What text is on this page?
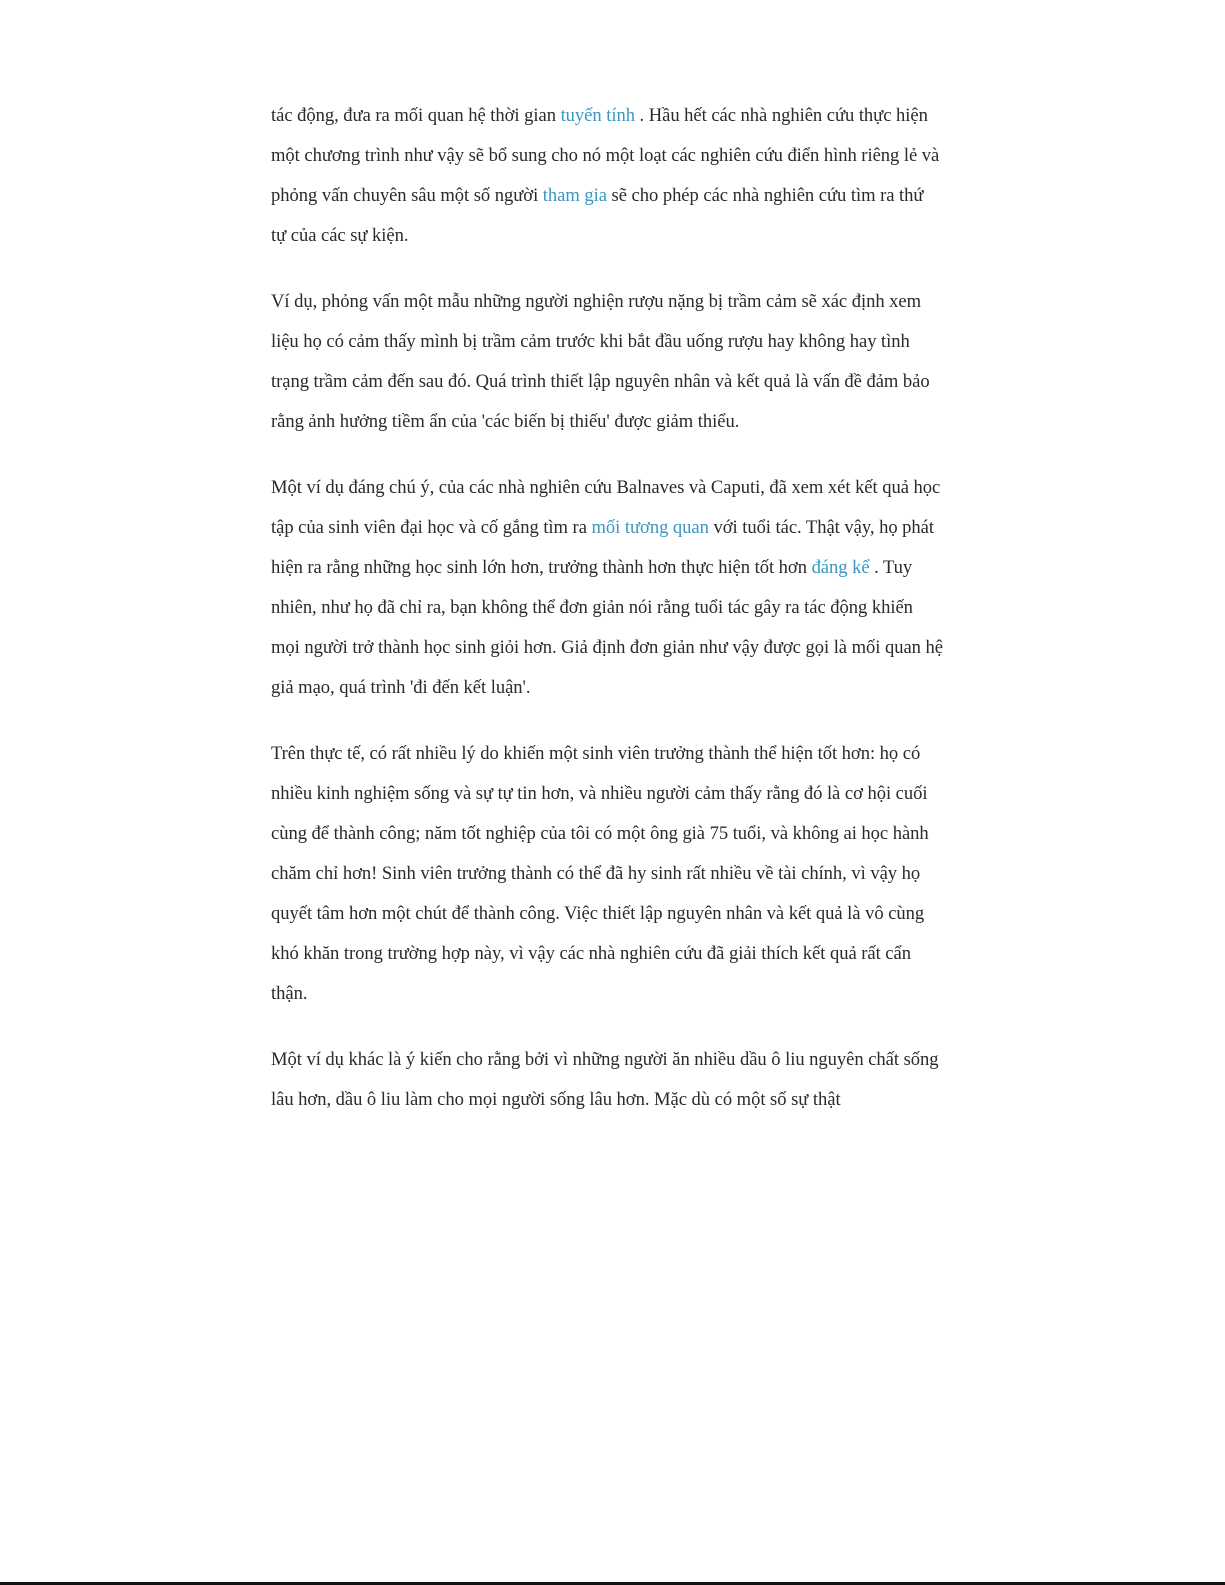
tác động, đưa ra mối quan hệ thời gian tuyến tính . Hầu hết các nhà nghiên cứu thực hiện một chương trình như vậy sẽ bổ sung cho nó một loạt các nghiên cứu điển hình riêng lẻ và phỏng vấn chuyên sâu một số người tham gia sẽ cho phép các nhà nghiên cứu tìm ra thứ tự của các sự kiện.

Ví dụ, phỏng vấn một mẫu những người nghiện rượu nặng bị trầm cảm sẽ xác định xem liệu họ có cảm thấy mình bị trầm cảm trước khi bắt đầu uống rượu hay không hay tình trạng trầm cảm đến sau đó. Quá trình thiết lập nguyên nhân và kết quả là vấn đề đảm bảo rằng ảnh hưởng tiềm ẩn của 'các biến bị thiếu' được giảm thiểu.

Một ví dụ đáng chú ý, của các nhà nghiên cứu Balnaves và Caputi, đã xem xét kết quả học tập của sinh viên đại học và cố gắng tìm ra mối tương quan với tuổi tác. Thật vậy, họ phát hiện ra rằng những học sinh lớn hơn, trưởng thành hơn thực hiện tốt hơn đáng kể . Tuy nhiên, như họ đã chỉ ra, bạn không thể đơn giản nói rằng tuổi tác gây ra tác động khiến mọi người trở thành học sinh giỏi hơn. Giả định đơn giản như vậy được gọi là mối quan hệ giả mạo, quá trình 'đi đến kết luận'.

Trên thực tế, có rất nhiều lý do khiến một sinh viên trưởng thành thể hiện tốt hơn: họ có nhiều kinh nghiệm sống và sự tự tin hơn, và nhiều người cảm thấy rằng đó là cơ hội cuối cùng để thành công; năm tốt nghiệp của tôi có một ông già 75 tuổi, và không ai học hành chăm chỉ hơn! Sinh viên trưởng thành có thể đã hy sinh rất nhiều về tài chính, vì vậy họ quyết tâm hơn một chút để thành công. Việc thiết lập nguyên nhân và kết quả là vô cùng khó khăn trong trường hợp này, vì vậy các nhà nghiên cứu đã giải thích kết quả rất cẩn thận.

Một ví dụ khác là ý kiến cho rằng bởi vì những người ăn nhiều dầu ô liu nguyên chất sống lâu hơn, dầu ô liu làm cho mọi người sống lâu hơn. Mặc dù có một số sự thật
